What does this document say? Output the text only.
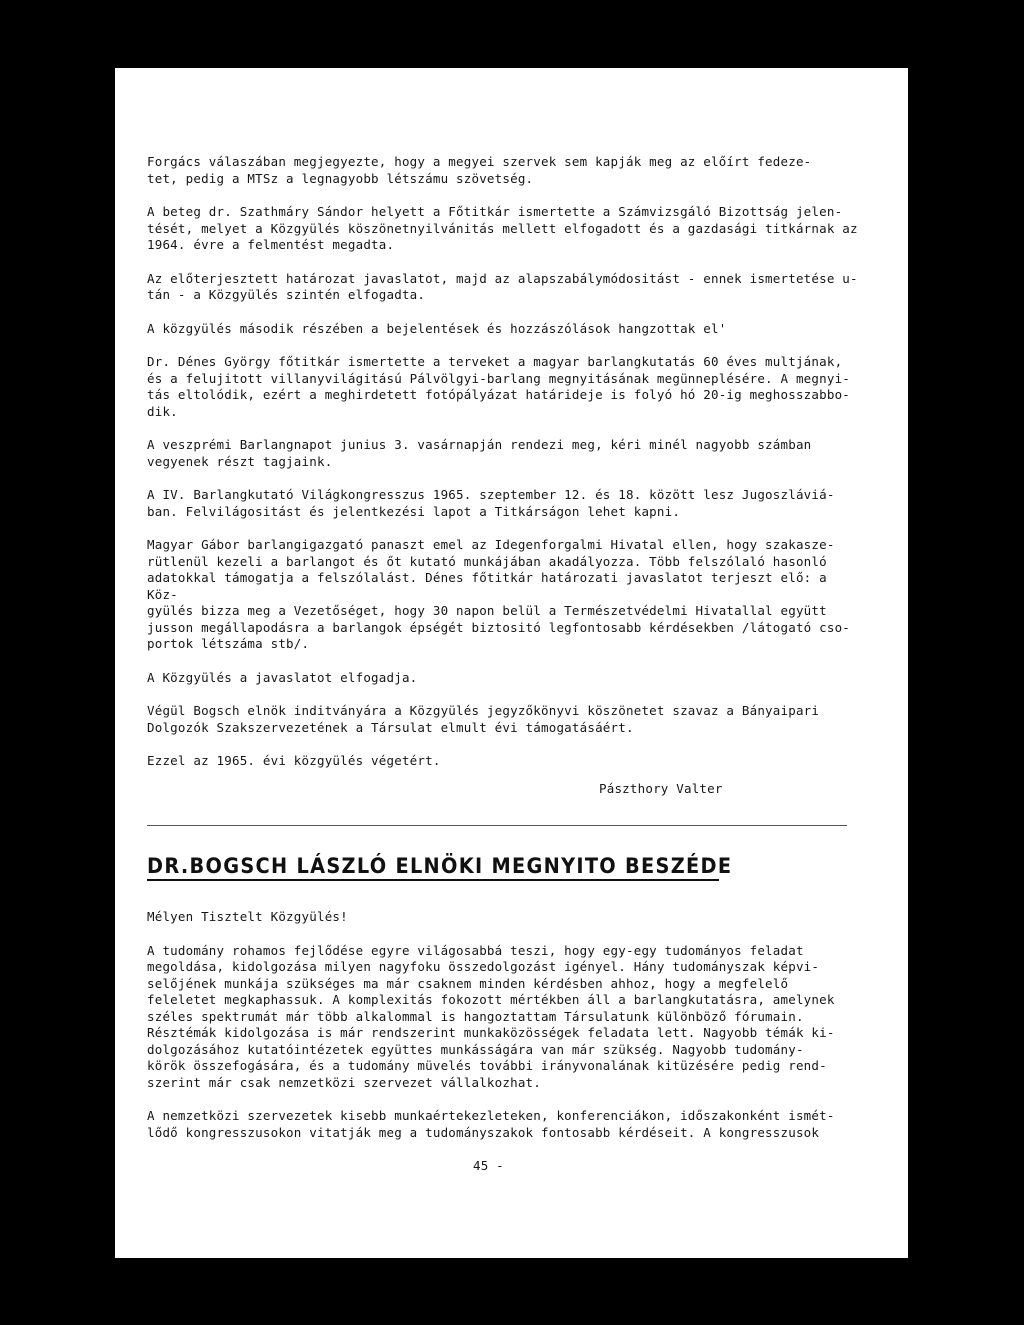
Forgács válaszában megjegyezte, hogy a megyei szervek sem kapják meg az előírt fedeze-
tet, pedig a MTSz a legnagyobb létszámu szövetség.

A beteg dr. Szathmáry Sándor helyett a Főtitkár ismertette a Számvizsgáló Bizottság jelen-
tését, melyet a Közgyülés köszönetnyilvánitás mellett elfogadott és a gazdasági titkárnak az
1964. évre a felmentést megadta.

Az előterjesztett határozat javaslatot, majd az alapszabálymódositást - ennek ismertetése u-
tán - a Közgyülés szintén elfogadta.

A közgyülés második részében a bejelentések és hozzászólások hangzottak el'

Dr. Dénes György főtitkár ismertette a terveket a magyar barlangkutatás 60 éves multjának,
és a felujitott villanyvilágitású Pálvölgyi-barlang megnyitásának megünneplésére. A megnyi-
tás eltolódik, ezért a meghirdetett fotópályázat határideje is folyó hó 20-ig meghosszabbo-
dik.

A veszprémi Barlangnapot junius 3. vasárnapján rendezi meg, kéri minél nagyobb számban
vegyenek részt tagjaink.

A IV. Barlangkutató Világkongresszus 1965. szeptember 12. és 18. között lesz Jugoszláviá-
ban. Felvilágositást és jelentkezési lapot a Titkárságon lehet kapni.

Magyar Gábor barlangigazgató panaszt emel az Idegenforgalmi Hivatal ellen, hogy szakasze-
rütlenül kezeli a barlangot és őt kutató munkájában akadályozza. Több felszólaló hasonló
adatokkal támogatja a felszólalást. Dénes főtitkár határozati javaslatot terjeszt elő: a Köz-
gyülés bizza meg a Vezetőséget, hogy 30 napon belül a Természetvédelmi Hivatallal együtt
jusson megállapodásra a barlangok épségét biztositó legfontosabb kérdésekben /látogató cso-
portok létszáma stb/.

A Közgyülés a javaslatot elfogadja.

Végül Bogsch elnök inditványára a Közgyülés jegyzőkönyvi köszönetet szavaz a Bányaipari
Dolgozók Szakszervezetének a Társulat elmult évi támogatásáért.

Ezzel az 1965. évi közgyülés végetért.

Pászthory Valter

DR.BOGSCH LÁSZLÓ ELNÖKI MEGNYITO BESZÉDE

Mélyen Tisztelt Közgyülés!

A tudomány rohamos fejlődése egyre világosabbá teszi, hogy egy-egy tudományos feladat
megoldása, kidolgozása milyen nagyfoku összedolgozást igényel. Hány tudományszak képvi-
selőjének munkája szükséges ma már csaknem minden kérdésben ahhoz, hogy a megfelelő
feleletet megkaphassuk. A komplexitás fokozott mértékben áll a barlangkutatásra, amelynek
széles spektrumát már több alkalommal is hangoztattam Társulatunk különböző fórumain.
Résztémák kidolgozása is már rendszerint munkaközösségek feladata lett. Nagyobb témák ki-
dolgozásához kutatóintézetek együttes munkásságára van már szükség. Nagyobb tudomány-
körök összefogására, és a tudomány müvelés további irányvonalának kitüzésére pedig rend-
szerint már csak nemzetközi szervezet vállalkozhat.

A nemzetközi szervezetek kisebb munkaértekezleteken, konferenciákon, időszakonként ismét-
lődő kongresszusokon vitatják meg a tudományszakok fontosabb kérdéseit. A kongresszusok

45 -
